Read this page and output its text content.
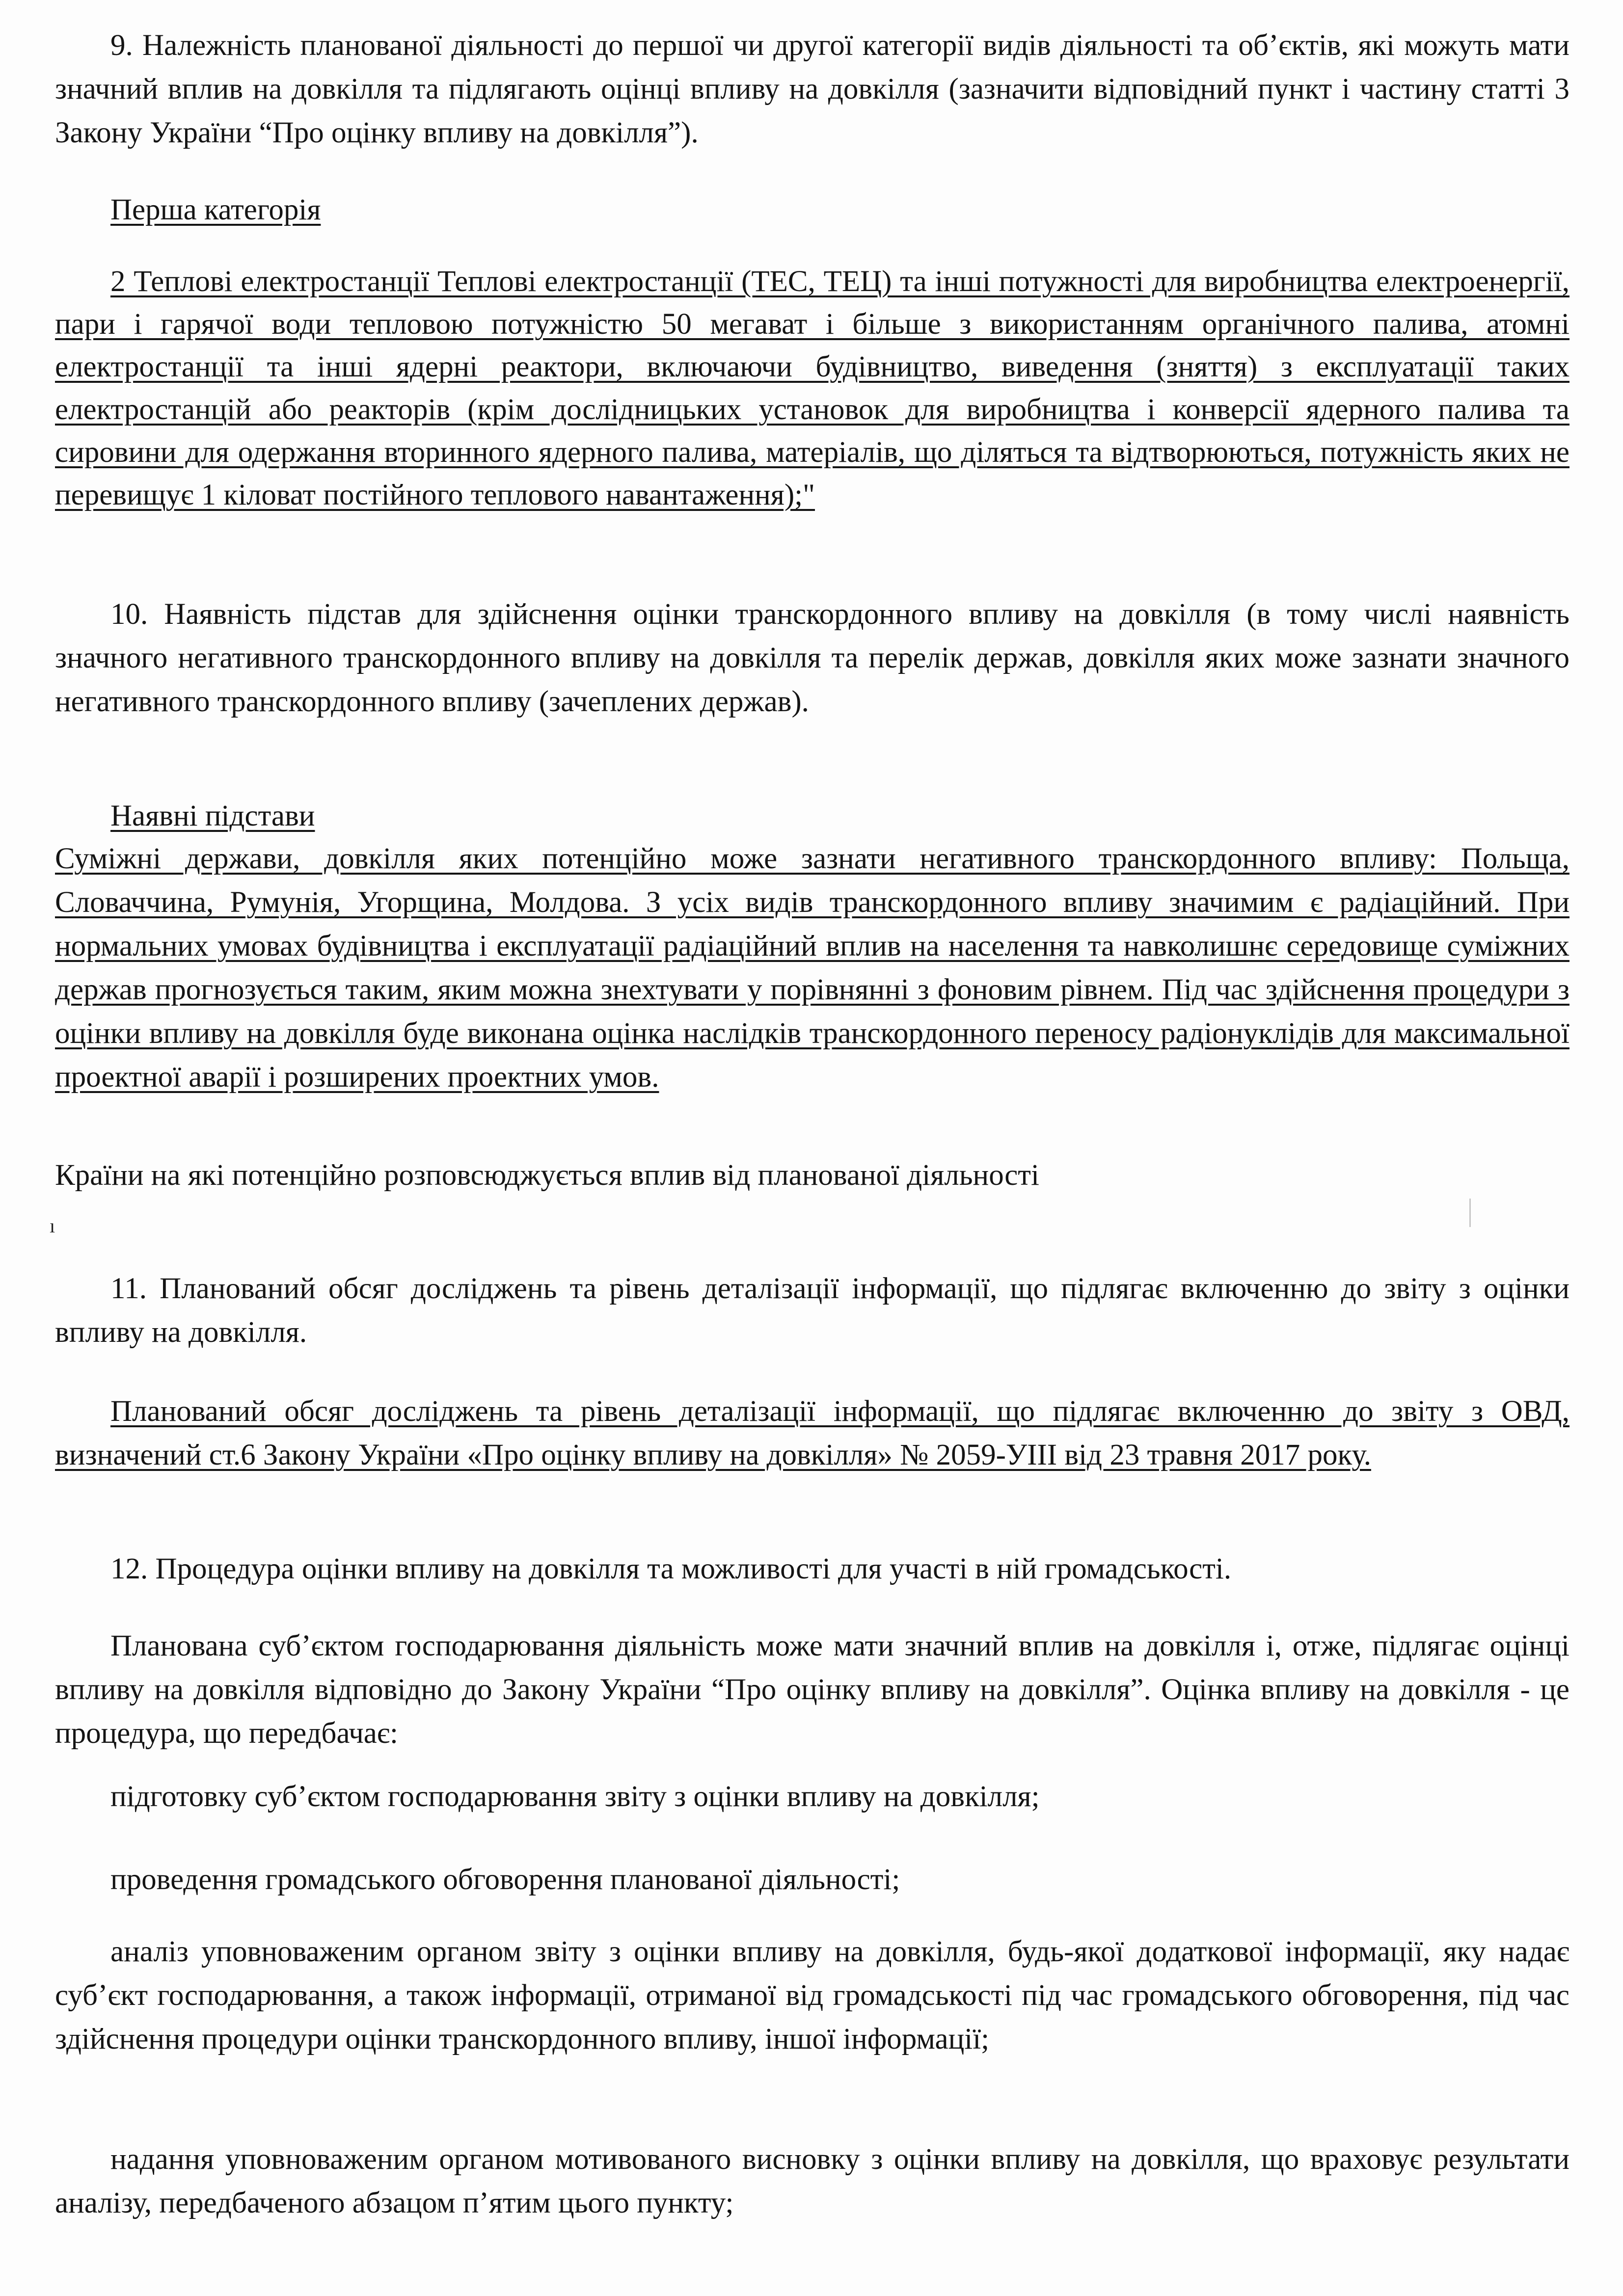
9. Належність планованої діяльності до першої чи другої категорії видів діяльності та об’єктів, які можуть мати значний вплив на довкілля та підлягають оцінці впливу на довкілля (зазначити відповідний пункт і частину статті 3 Закону України “Про оцінку впливу на довкілля”).

Перша категорія

2 Теплові електростанції Теплові електростанції (ТЕС, ТЕЦ) та інші потужності для виробництва електроенергії, пари і гарячої води тепловою потужністю 50 мегават і більше з використанням органічного палива, атомні електростанції та інші ядерні реактори, включаючи будівництво, виведення (зняття) з експлуатації таких електростанцій або реакторів (крім дослідницьких установок для виробництва і конверсії ядерного палива та сировини для одержання вторинного ядерного палива, матеріалів, що діляться та відтворюються, потужність яких не перевищує 1 кіловат постійного теплового навантаження);"

10. Наявність підстав для здійснення оцінки транскордонного впливу на довкілля (в тому числі наявність значного негативного транскордонного впливу на довкілля та перелік держав, довкілля яких може зазнати значного негативного транскордонного впливу (зачеплених держав).

Наявні підстави

Суміжні держави, довкілля яких потенційно може зазнати негативного транскордонного впливу: Польща, Словаччина, Румунія, Угорщина, Молдова. З усіх видів транскордонного впливу значимим є радіаційний. При нормальних умовах будівництва і експлуатації радіаційний вплив на населення та навколишнє середовище суміжних держав прогнозується таким, яким можна знехтувати у порівнянні з фоновим рівнем. Під час здійснення процедури з оцінки впливу на довкілля буде виконана оцінка наслідків транскордонного переносу радіонуклідів для максимальної проектної аварії і розширених проектних умов.

Країни на які потенційно розповсюджується вплив від планованої діяльності

ı

11. Планований обсяг досліджень та рівень деталізації інформації, що підлягає включенню до звіту з оцінки впливу на довкілля.

Планований обсяг досліджень та рівень деталізації інформації, що підлягає включенню до звіту з ОВД, визначений ст.6 Закону України «Про оцінку впливу на довкілля» № 2059-УІІІ від 23 травня 2017 року.

12. Процедура оцінки впливу на довкілля та можливості для участі в ній громадськості.

Планована суб’єктом господарювання діяльність може мати значний вплив на довкілля і, отже, підлягає оцінці впливу на довкілля відповідно до Закону України “Про оцінку впливу на довкілля”. Оцінка впливу на довкілля - це процедура, що передбачає:

підготовку суб’єктом господарювання звіту з оцінки впливу на довкілля;

проведення громадського обговорення планованої діяльності;

аналіз уповноваженим органом звіту з оцінки впливу на довкілля, будь-якої додаткової інформації, яку надає суб’єкт господарювання, а також інформації, отриманої від громадськості під час громадського обговорення, під час здійснення процедури оцінки транскордонного впливу, іншої інформації;

надання уповноваженим органом мотивованого висновку з оцінки впливу на довкілля, що враховує результати аналізу, передбаченого абзацом п’ятим цього пункту;
